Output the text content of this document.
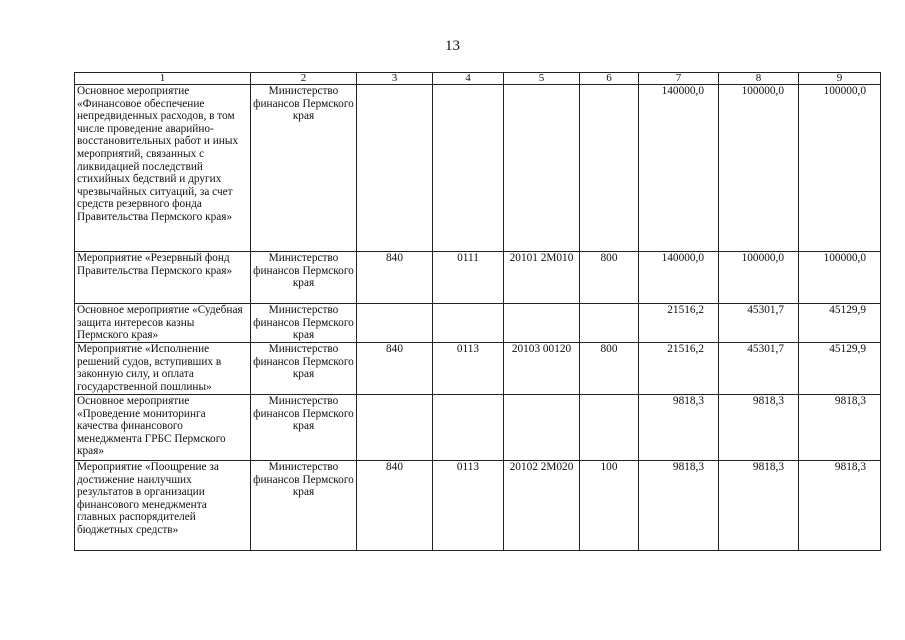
13
1	2	3	4	5	6	7	8	9
Основное мероприятие «Финансовое обеспечение непредвиденных расходов, в том числе проведение аварийно-восстановительных работ и иных мероприятий, связанных с ликвидацией последствий стихийных бедствий и других чрезвычайных ситуаций, за счет средств резервного фонда Правительства Пермского края»	Министерство финансов Пермского края					140000,0	100000,0	100000,0
Мероприятие «Резервный фонд Правительства Пермского края»	Министерство финансов Пермского края	840	0111	20101 2М010	800	140000,0	100000,0	100000,0
Основное мероприятие «Судебная защита интересов казны Пермского края»	Министерство финансов Пермского края					21516,2	45301,7	45129,9
Мероприятие «Исполнение решений судов, вступивших в законную силу, и оплата государственной пошлины»	Министерство финансов Пермского края	840	0113	20103 00120	800	21516,2	45301,7	45129,9
Основное мероприятие «Проведение мониторинга качества финансового менеджмента ГРБС Пермского края»	Министерство финансов Пермского края					9818,3	9818,3	9818,3
Мероприятие «Поощрение за достижение наилучших результатов в организации финансового менеджмента главных распорядителей бюджетных средств»	Министерство финансов Пермского края	840	0113	20102 2М020	100	9818,3	9818,3	9818,3
